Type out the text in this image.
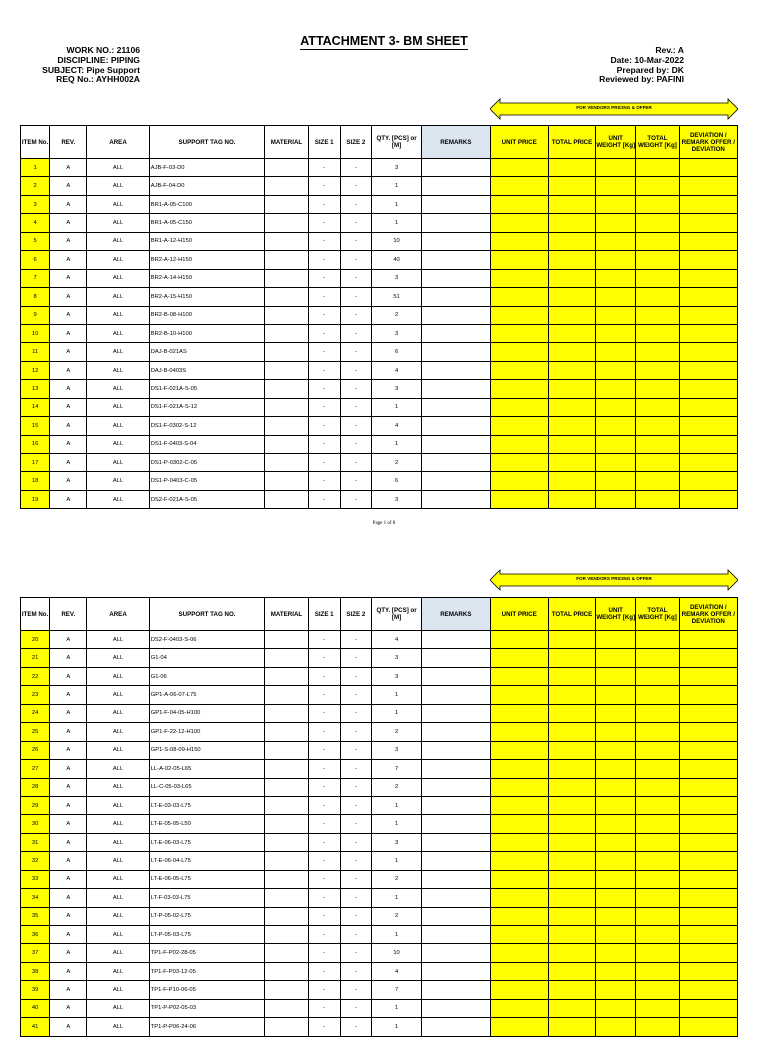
ATTACHMENT 3- BM SHEET
WORK NO.: 21106
DISCIPLINE: PIPING
SUBJECT: Pipe Support
REQ No.: AYHH002A
Rev.: A
Date: 10-Mar-2022
Prepared by: DK
Reviewed by: PAFINI
FOR VENDORS PRICING & OFFER
ITEM No.	REV.	AREA	SUPPORT TAG NO.	MATERIAL	SIZE 1	SIZE 2	QTY. [PCS] or [M]	REMARKS	UNIT PRICE	TOTAL PRICE	UNIT WEIGHT [Kg]	TOTAL WEIGHT [Kg]	DEVIATION / REMARK OFFER / DEVIATION
1	A	ALL	AJB-F-03-D0		-	-	3						
2	A	ALL	AJB-F-04-D0		-	-	1						
3	A	ALL	BR1-A-05-C100		-	-	1						
4	A	ALL	BR1-A-05-C150		-	-	1						
5	A	ALL	BR1-A-12-H150		-	-	10						
6	A	ALL	BR2-A-12-H150		-	-	40						
7	A	ALL	BR2-A-14-H150		-	-	3						
8	A	ALL	BR2-A-15-H150		-	-	51						
9	A	ALL	BR2-B-08-H100		-	-	2						
10	A	ALL	BR2-B-10-H100		-	-	3						
11	A	ALL	DAJ-B-021AS		-	-	6						
12	A	ALL	DAJ-B-0403S		-	-	4						
13	A	ALL	DS1-F-021A-S-05		-	-	3						
14	A	ALL	DS1-F-021A-S-12		-	-	1						
15	A	ALL	DS1-F-0302-S-12		-	-	4						
16	A	ALL	DS1-F-0403-S-04		-	-	1						
17	A	ALL	DS1-P-0302-C-05		-	-	2						
18	A	ALL	DS1-P-0403-C-05		-	-	6						
19	A	ALL	DS2-F-021A-S-05		-	-	3						
Page 1 of 8
FOR VENDORS PRICING & OFFER
ITEM No.	REV.	AREA	SUPPORT TAG NO.	MATERIAL	SIZE 1	SIZE 2	QTY. [PCS] or [M]	REMARKS	UNIT PRICE	TOTAL PRICE	UNIT WEIGHT [Kg]	TOTAL WEIGHT [Kg]	DEVIATION / REMARK OFFER / DEVIATION
20	A	ALL	DS2-F-0403-S-06		-	-	4						
21	A	ALL	G1-04		-	-	3						
22	A	ALL	G1-06		-	-	3						
23	A	ALL	GP1-A-06-07-L75		-	-	1						
24	A	ALL	GP1-F-04-05-H100		-	-	1						
25	A	ALL	GP1-F-22-12-H100		-	-	2						
26	A	ALL	GP1-S-08-09-H150		-	-	3						
27	A	ALL	LL-A-02-05-L65		-	-	7						
28	A	ALL	LL-C-05-03-L65		-	-	2						
29	A	ALL	LT-E-03-03-L75		-	-	1						
30	A	ALL	LT-E-05-05-L50		-	-	1						
31	A	ALL	LT-E-06-03-L75		-	-	3						
32	A	ALL	LT-E-06-04-L75		-	-	1						
33	A	ALL	LT-E-06-05-L75		-	-	2						
34	A	ALL	LT-F-03-03-L75		-	-	1						
35	A	ALL	LT-P-05-02-L75		-	-	2						
36	A	ALL	LT-P-05-03-L75		-	-	1						
37	A	ALL	TP1-F-P02-28-05		-	-	10						
38	A	ALL	TP1-F-P03-12-05		-	-	4						
39	A	ALL	TP1-F-P10-06-05		-	-	7						
40	A	ALL	TP1-P-P02-05-03		-	-	1						
41	A	ALL	TP1-P-P06-24-06		-	-	1						
